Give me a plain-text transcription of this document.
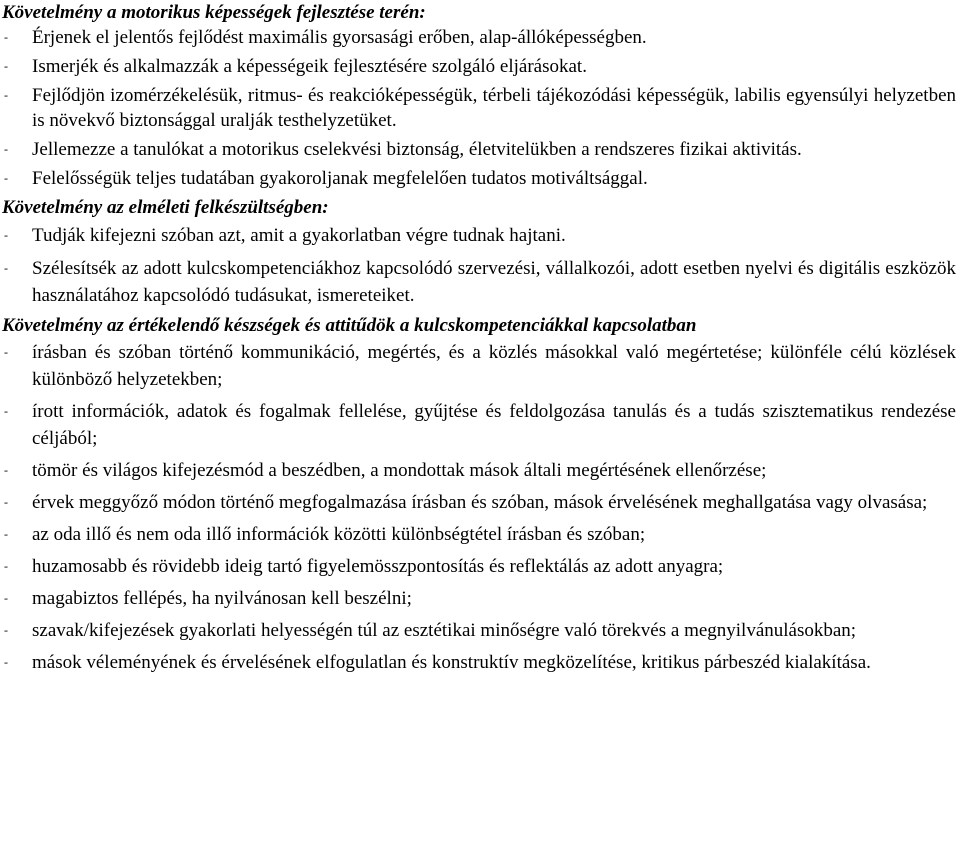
Követelmény a motorikus képességek fejlesztése terén:

- Érjenek el jelentős fejlődést maximális gyorsasági erőben, alap-állóképességben.
- Ismerjék és alkalmazzák a képességeik fejlesztésére szolgáló eljárásokat.
- Fejlődjön izomérzékelésük, ritmus- és reakcióképességük, térbeli tájékozódási képességük, labilis egyensúlyi helyzetben is növekvő biztonsággal uralják testhelyzetüket.
- Jellemezze a tanulókat a motorikus cselekvési biztonság, életvitelükben a rendszeres fizikai aktivitás.
- Felelősségük teljes tudatában gyakoroljanak megfelelően tudatos motiváltsággal.

Követelmény az elméleti felkészültségben:

- Tudják kifejezni szóban azt, amit a gyakorlatban végre tudnak hajtani.
- Szélesítsék az adott kulcskompetenciákhoz kapcsolódó szervezési, vállalkozói, adott esetben nyelvi és digitális eszközök használatához kapcsolódó tudásukat, ismereteiket.

Követelmény az értékelendő készségek és attitűdök a kulcskompetenciákkal kapcsolatban

- írásban és szóban történő kommunikáció, megértés, és a közlés másokkal való megértetése; különféle célú közlések különböző helyzetekben;
- írott információk, adatok és fogalmak fellelése, gyűjtése és feldolgozása tanulás és a tudás szisztematikus rendezése céljából;
- tömör és világos kifejezésmód a beszédben, a mondottak mások általi megértésének ellenőrzése;
- érvek meggyőző módon történő megfogalmazása írásban és szóban, mások érvelésének meghallgatása vagy olvasása;
- az oda illő és nem oda illő információk közötti különbségtétel írásban és szóban;
- huzamosabb és rövidebb ideig tartó figyelemösszpontosítás és reflektálás az adott anyagra;
- magabiztos fellépés, ha nyilvánosan kell beszélni;
- szavak/kifejezések gyakorlati helyességén túl az esztétikai minőségre való törekvés a megnyilvánulásokban;
- mások véleményének és érvelésének elfogulatlan és konstruktív megközelítése, kritikus párbeszéd kialakítása.
